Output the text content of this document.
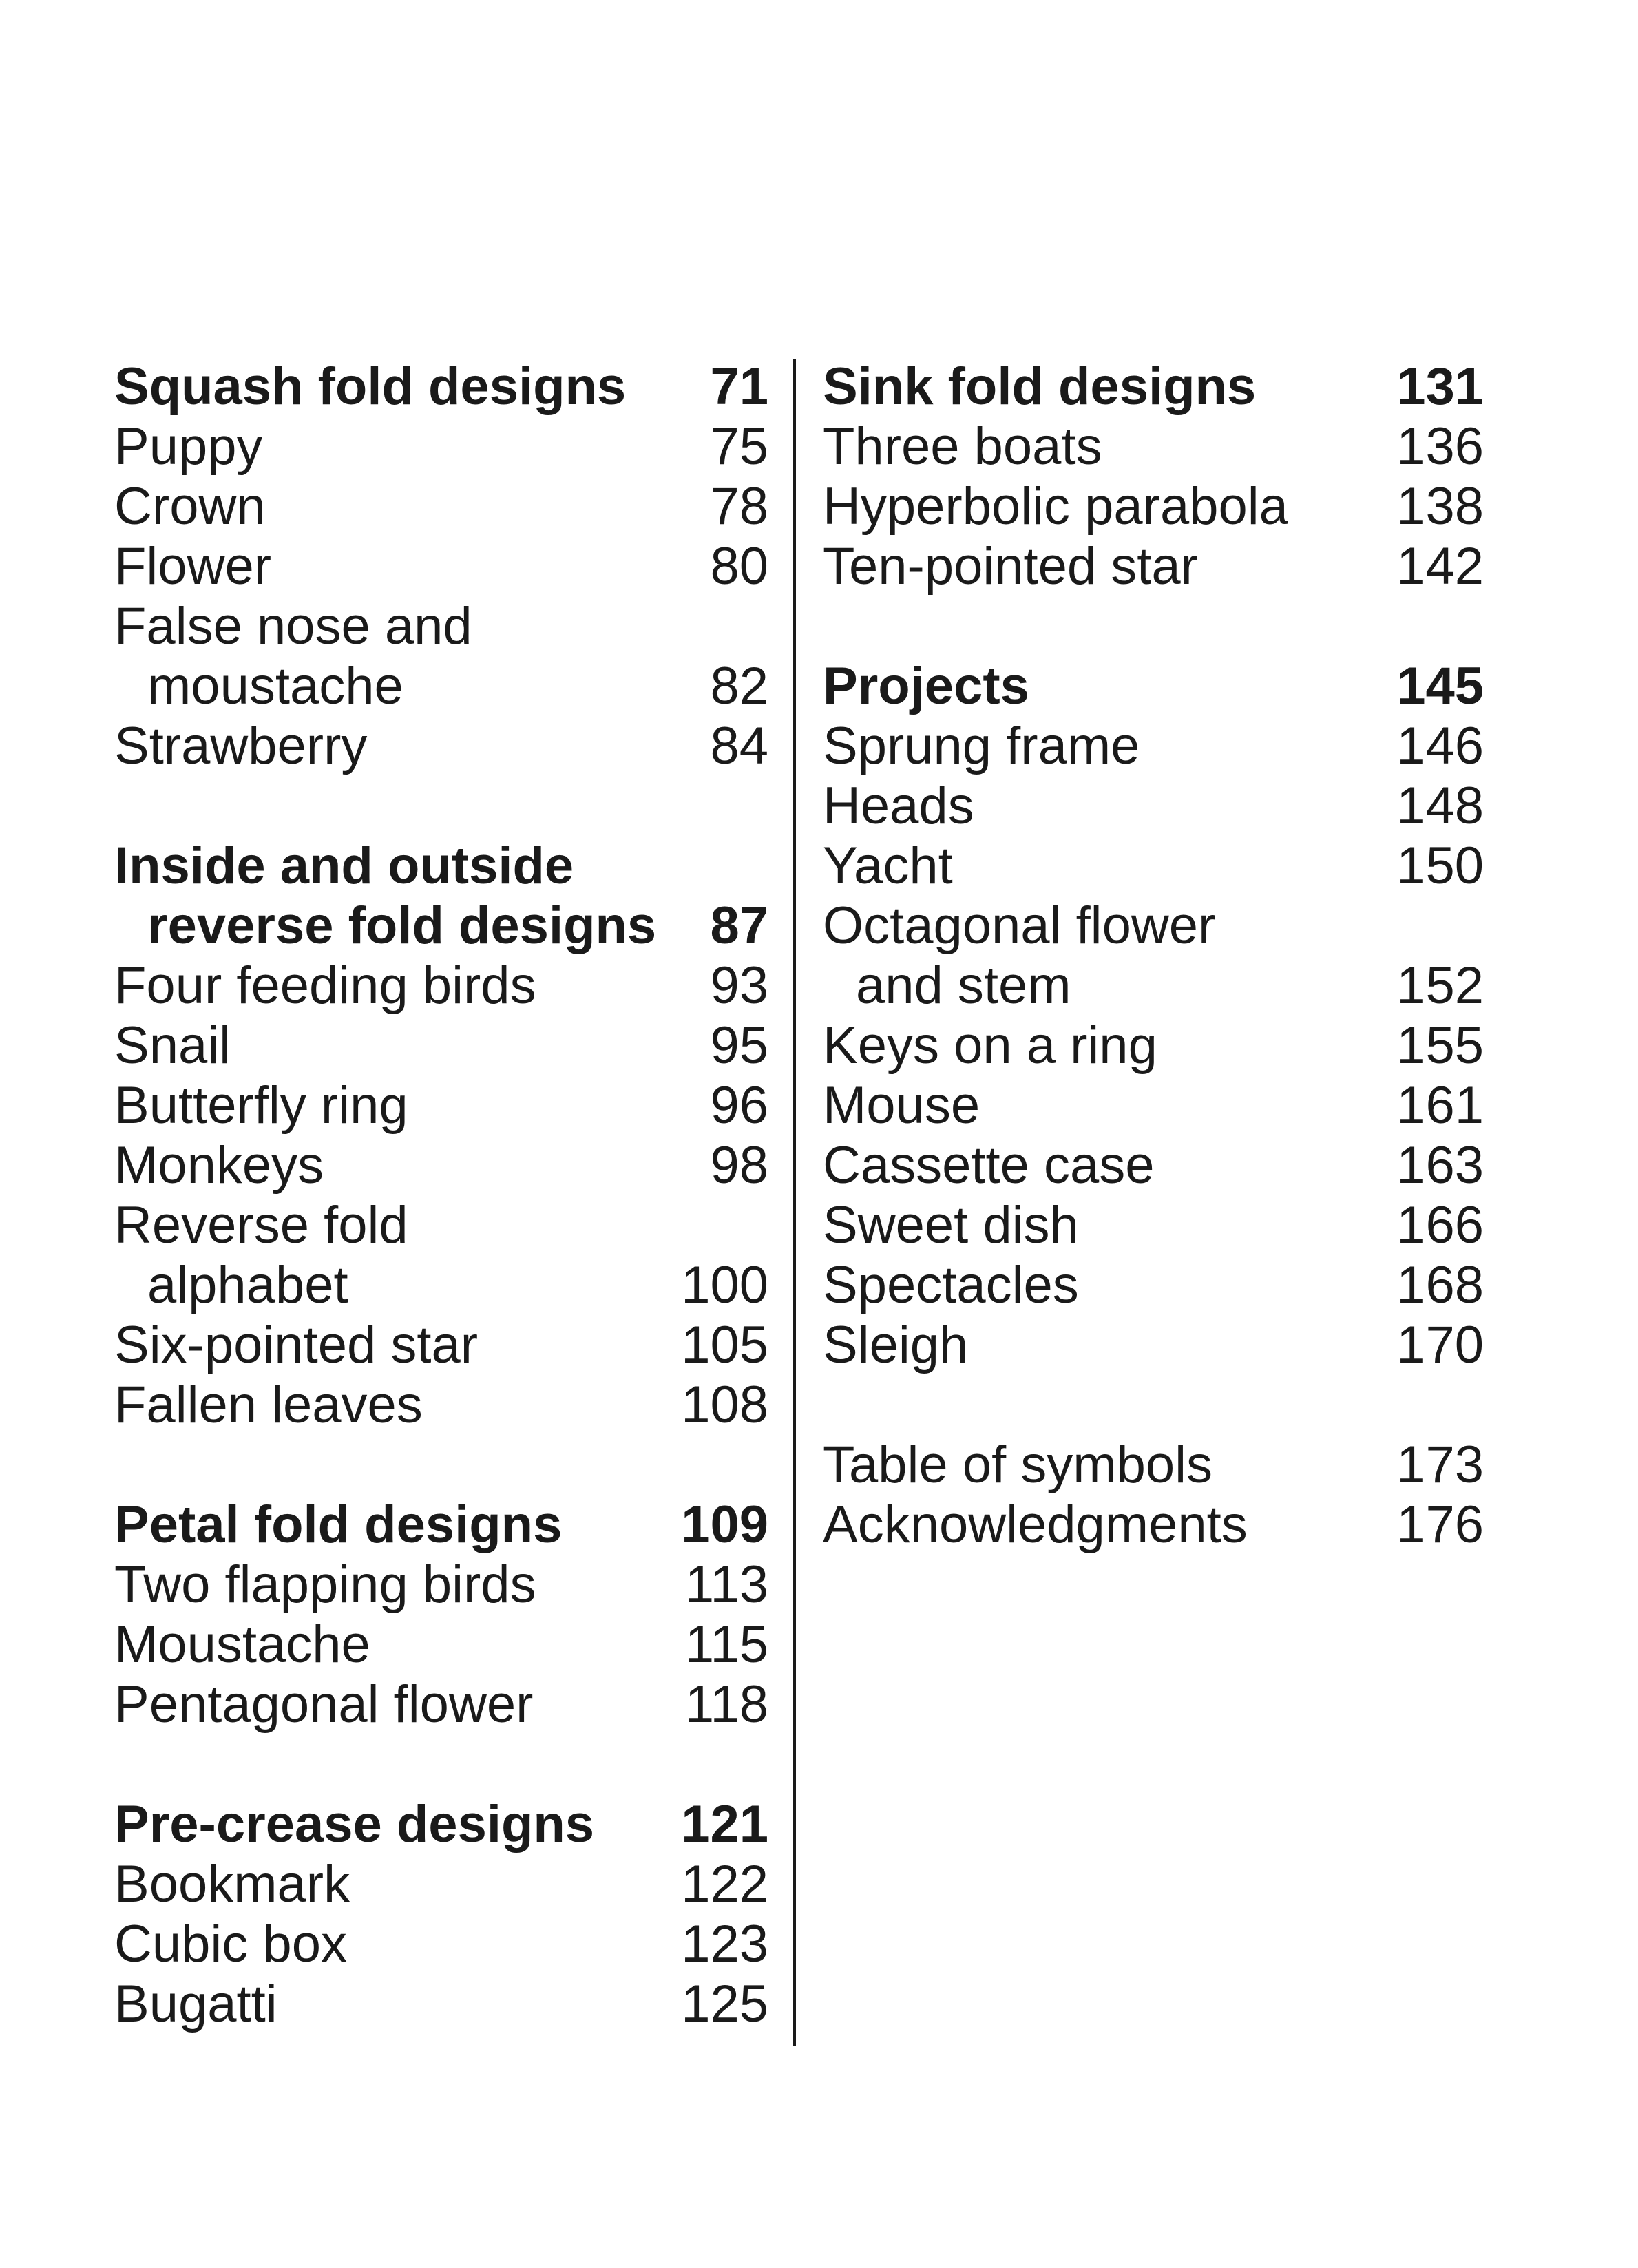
Squash fold designs	71
Puppy	75
Crown	78
Flower	80
False nose and
moustache	82
Strawberry	84
Inside and outside
reverse fold designs	87
Four feeding birds	93
Snail	95
Butterfly ring	96
Monkeys	98
Reverse fold
alphabet	100
Six-pointed star	105
Fallen leaves	108
Petal fold designs	109
Two flapping birds	113
Moustache	115
Pentagonal flower	118
Pre-crease designs	121
Bookmark	122
Cubic box	123
Bugatti	125
Sink fold designs	131
Three boats	136
Hyperbolic parabola	138
Ten-pointed star	142
Projects	145
Sprung frame	146
Heads	148
Yacht	150
Octagonal flower
and stem	152
Keys on a ring	155
Mouse	161
Cassette case	163
Sweet dish	166
Spectacles	168
Sleigh	170
Table of symbols	173
Acknowledgments	176
